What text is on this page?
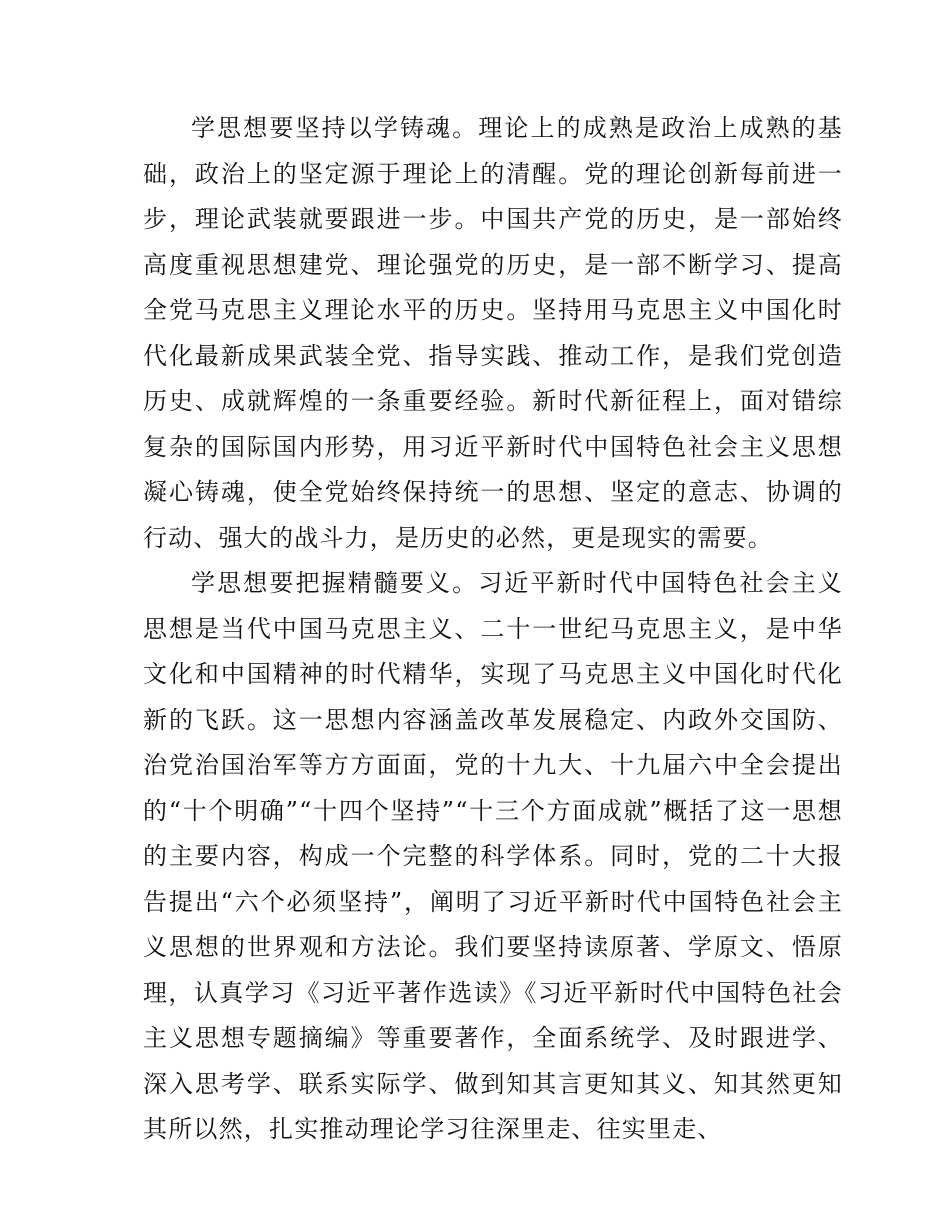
学思想要坚持以学铸魂。理论上的成熟是政治上成熟的基础，政治上的坚定源于理论上的清醒。党的理论创新每前进一步，理论武装就要跟进一步。中国共产党的历史，是一部始终高度重视思想建党、理论强党的历史，是一部不断学习、提高全党马克思主义理论水平的历史。坚持用马克思主义中国化时代化最新成果武装全党、指导实践、推动工作，是我们党创造历史、成就辉煌的一条重要经验。新时代新征程上，面对错综复杂的国际国内形势，用习近平新时代中国特色社会主义思想凝心铸魂，使全党始终保持统一的思想、坚定的意志、协调的行动、强大的战斗力，是历史的必然，更是现实的需要。

学思想要把握精髓要义。习近平新时代中国特色社会主义思想是当代中国马克思主义、二十一世纪马克思主义，是中华文化和中国精神的时代精华，实现了马克思主义中国化时代化新的飞跃。这一思想内容涵盖改革发展稳定、内政外交国防、治党治国治军等方方面面，党的十九大、十九届六中全会提出的“十个明确”“十四个坚持”“十三个方面成就”概括了这一思想的主要内容，构成一个完整的科学体系。同时，党的二十大报告提出“六个必须坚持”，阐明了习近平新时代中国特色社会主义思想的世界观和方法论。我们要坚持读原著、学原文、悟原理，认真学习《习近平著作选读》《习近平新时代中国特色社会主义思想专题摘编》等重要著作，全面系统学、及时跟进学、深入思考学、联系实际学、做到知其言更知其义、知其然更知其所以然，扎实推动理论学习往深里走、往实里走、
